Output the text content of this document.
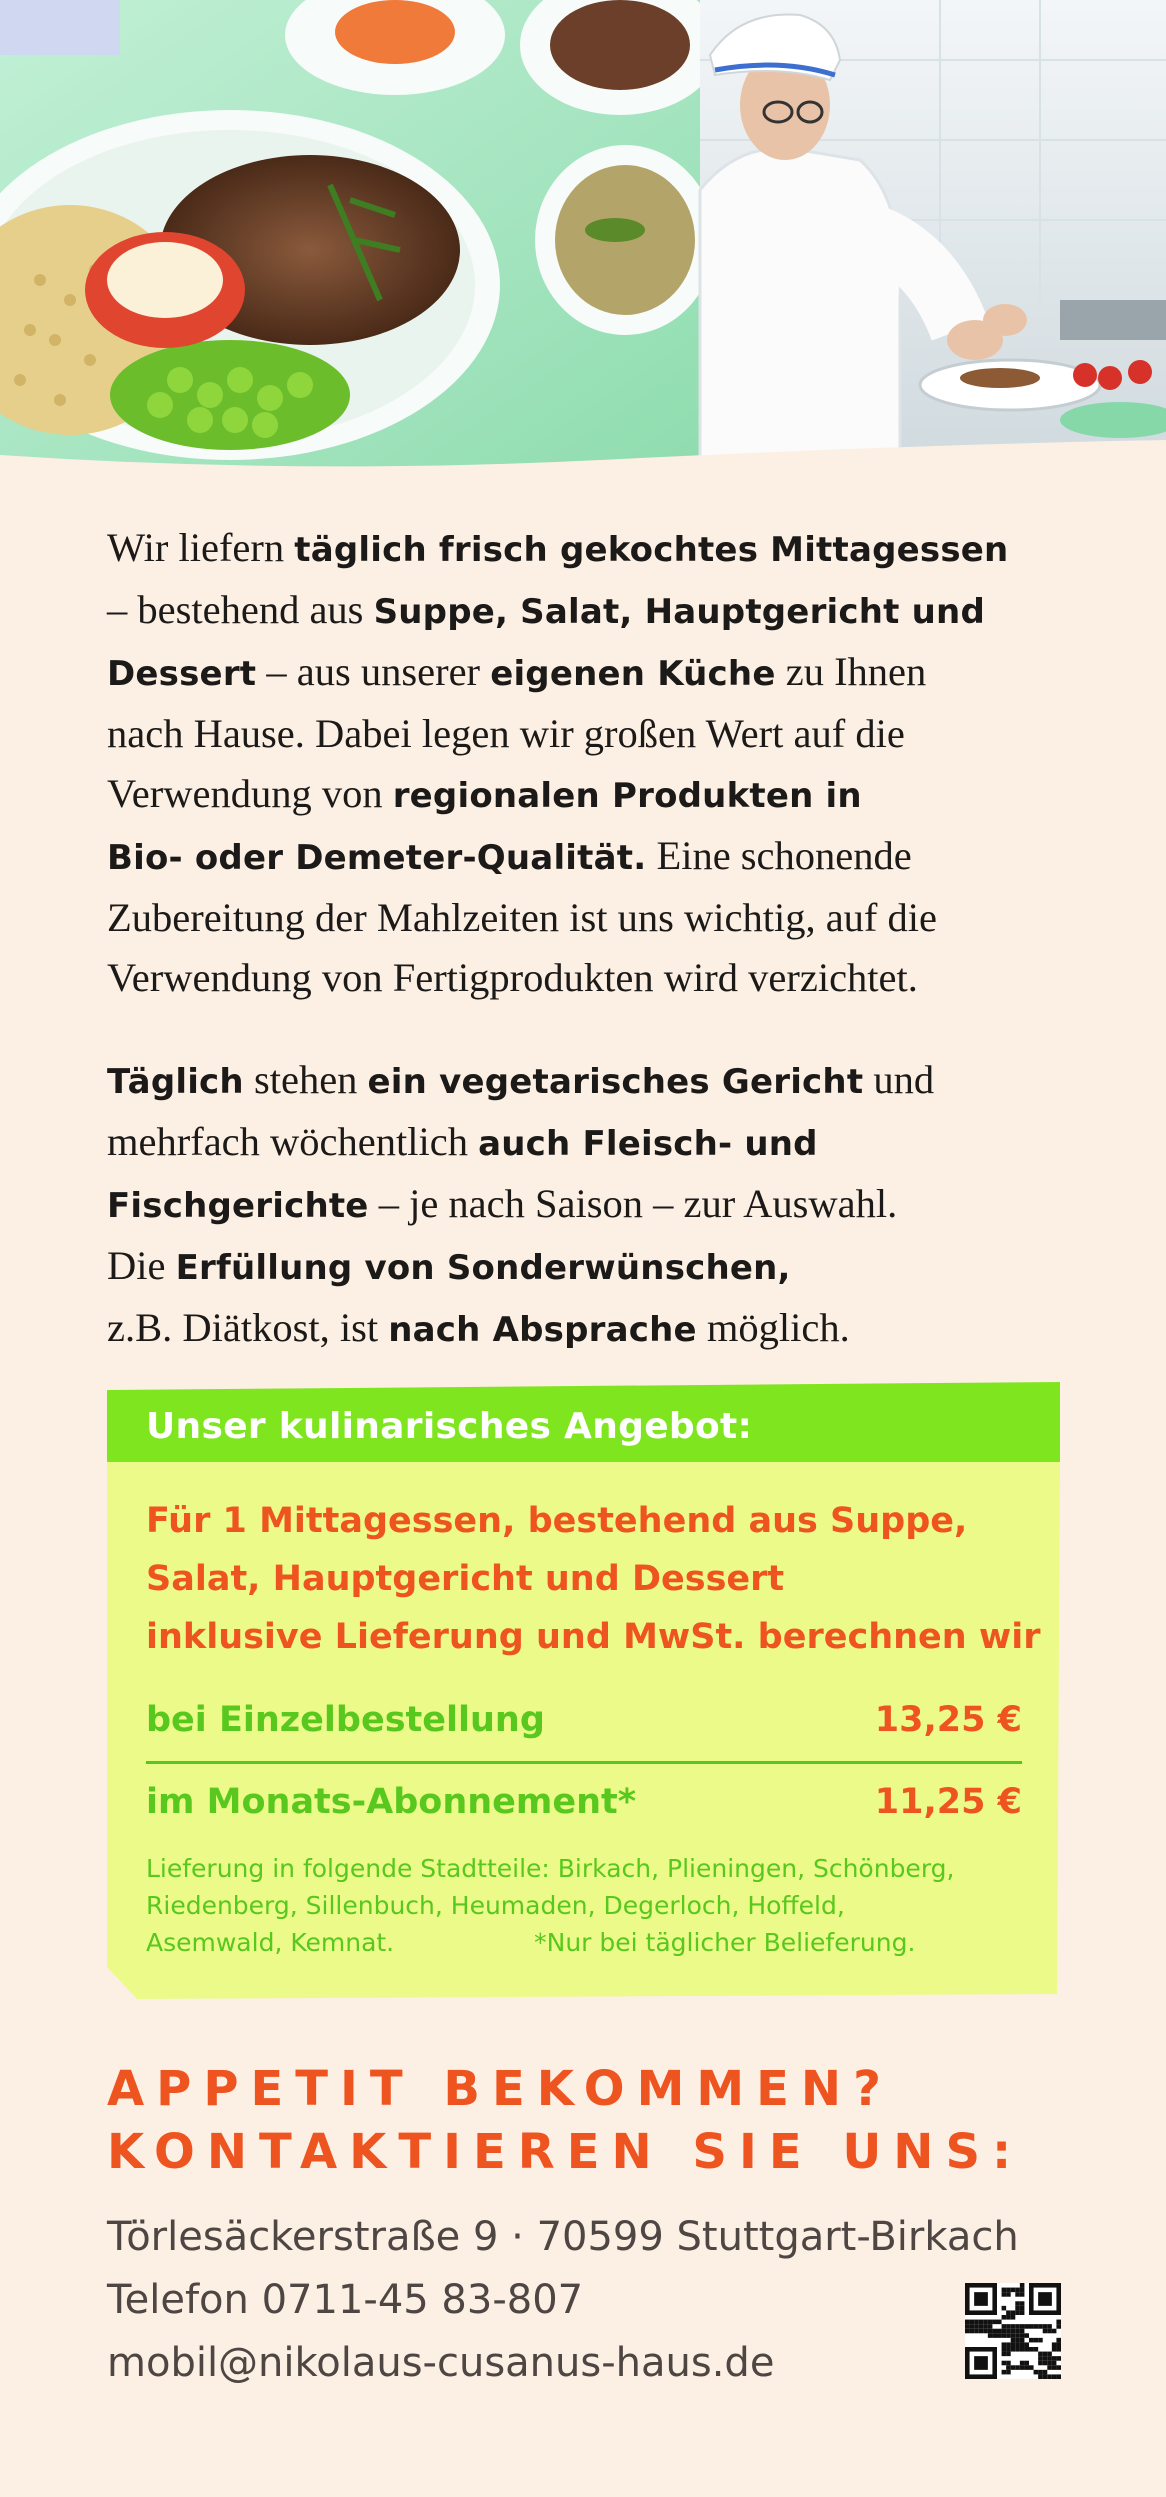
Wir liefern täglich frisch gekochtes Mittagessen
– bestehend aus Suppe, Salat, Hauptgericht und
Dessert – aus unserer eigenen Küche zu Ihnen
nach Hause. Dabei legen wir großen Wert auf die
Verwendung von regionalen Produkten in
Bio- oder Demeter-Qualität. Eine schonende
Zubereitung der Mahlzeiten ist uns wichtig, auf die
Verwendung von Fertigprodukten wird verzichtet.

Täglich stehen ein vegetarisches Gericht und
mehrfach wöchentlich auch Fleisch- und
Fischgerichte – je nach Saison – zur Auswahl.
Die Erfüllung von Sonderwünschen,
z.B. Diätkost, ist nach Absprache möglich.

Unser kulinarisches Angebot:
Für 1 Mittagessen, bestehend aus Suppe,
Salat, Hauptgericht und Dessert
inklusive Lieferung und MwSt. berechnen wir
bei Einzelbestellung	13,25 €
im Monats-Abonnement*	11,25 €
Lieferung in folgende Stadtteile: Birkach, Plieningen, Schönberg,
Riedenberg, Sillenbuch, Heumaden, Degerloch, Hoffeld,
Asemwald, Kemnat.	*Nur bei täglicher Belieferung.
APPETIT BEKOMMEN?
KONTAKTIEREN SIE UNS:
Törlesäckerstraße 9 · 70599 Stuttgart-Birkach
Telefon 0711-45 83-807
mobil@nikolaus-cusanus-haus.de
